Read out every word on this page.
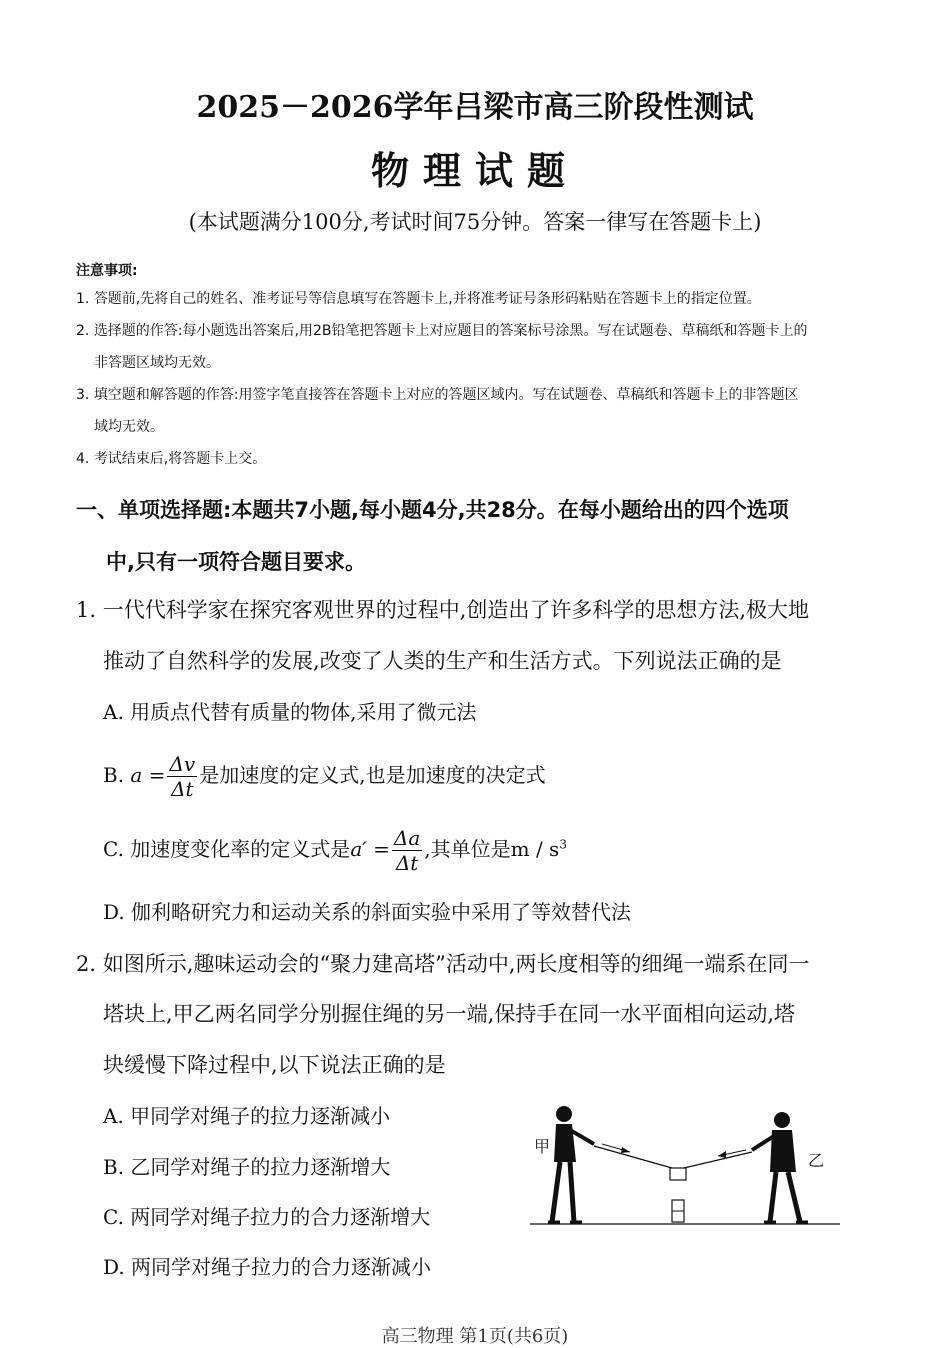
2025－2026学年吕梁市高三阶段性测试
物理试题
(本试题满分100分,考试时间75分钟。答案一律写在答题卡上)
注意事项:
1. 答题前,先将自己的姓名、准考证号等信息填写在答题卡上,并将准考证号条形码粘贴在答题卡上的指定位置。
2. 选择题的作答:每小题选出答案后,用2B铅笔把答题卡上对应题目的答案标号涂黑。写在试题卷、草稿纸和答题卡上的
非答题区域均无效。
3. 填空题和解答题的作答:用签字笔直接答在答题卡上对应的答题区域内。写在试题卷、草稿纸和答题卡上的非答题区
域均无效。
4. 考试结束后,将答题卡上交。
一、单项选择题:本题共7小题,每小题4分,共28分。在每小题给出的四个选项
中,只有一项符合题目要求。
1. 一代代科学家在探究客观世界的过程中,创造出了许多科学的思想方法,极大地
推动了自然科学的发展,改变了人类的生产和生活方式。下列说法正确的是
A. 用质点代替有质量的物体,采用了微元法
B. $a = \frac{\Delta v}{\Delta t}$ 是加速度的定义式,也是加速度的决定式
C. 加速度变化率的定义式是$a' = \frac{\Delta a}{\Delta t}$ ,其单位是m / $s^3$
D. 伽利略研究力和运动关系的斜面实验中采用了等效替代法
2. 如图所示,趣味运动会的“聚力建高塔”活动中,两长度相等的细绳一端系在同一
塔块上,甲乙两名同学分别握住绳的另一端,保持手在同一水平面相向运动,塔
块缓慢下降过程中,以下说法正确的是
A. 甲同学对绳子的拉力逐渐减小
B. 乙同学对绳子的拉力逐渐增大
C. 两同学对绳子拉力的合力逐渐增大
D. 两同学对绳子拉力的合力逐渐减小
甲
乙
高三物理 第1页(共6页)
